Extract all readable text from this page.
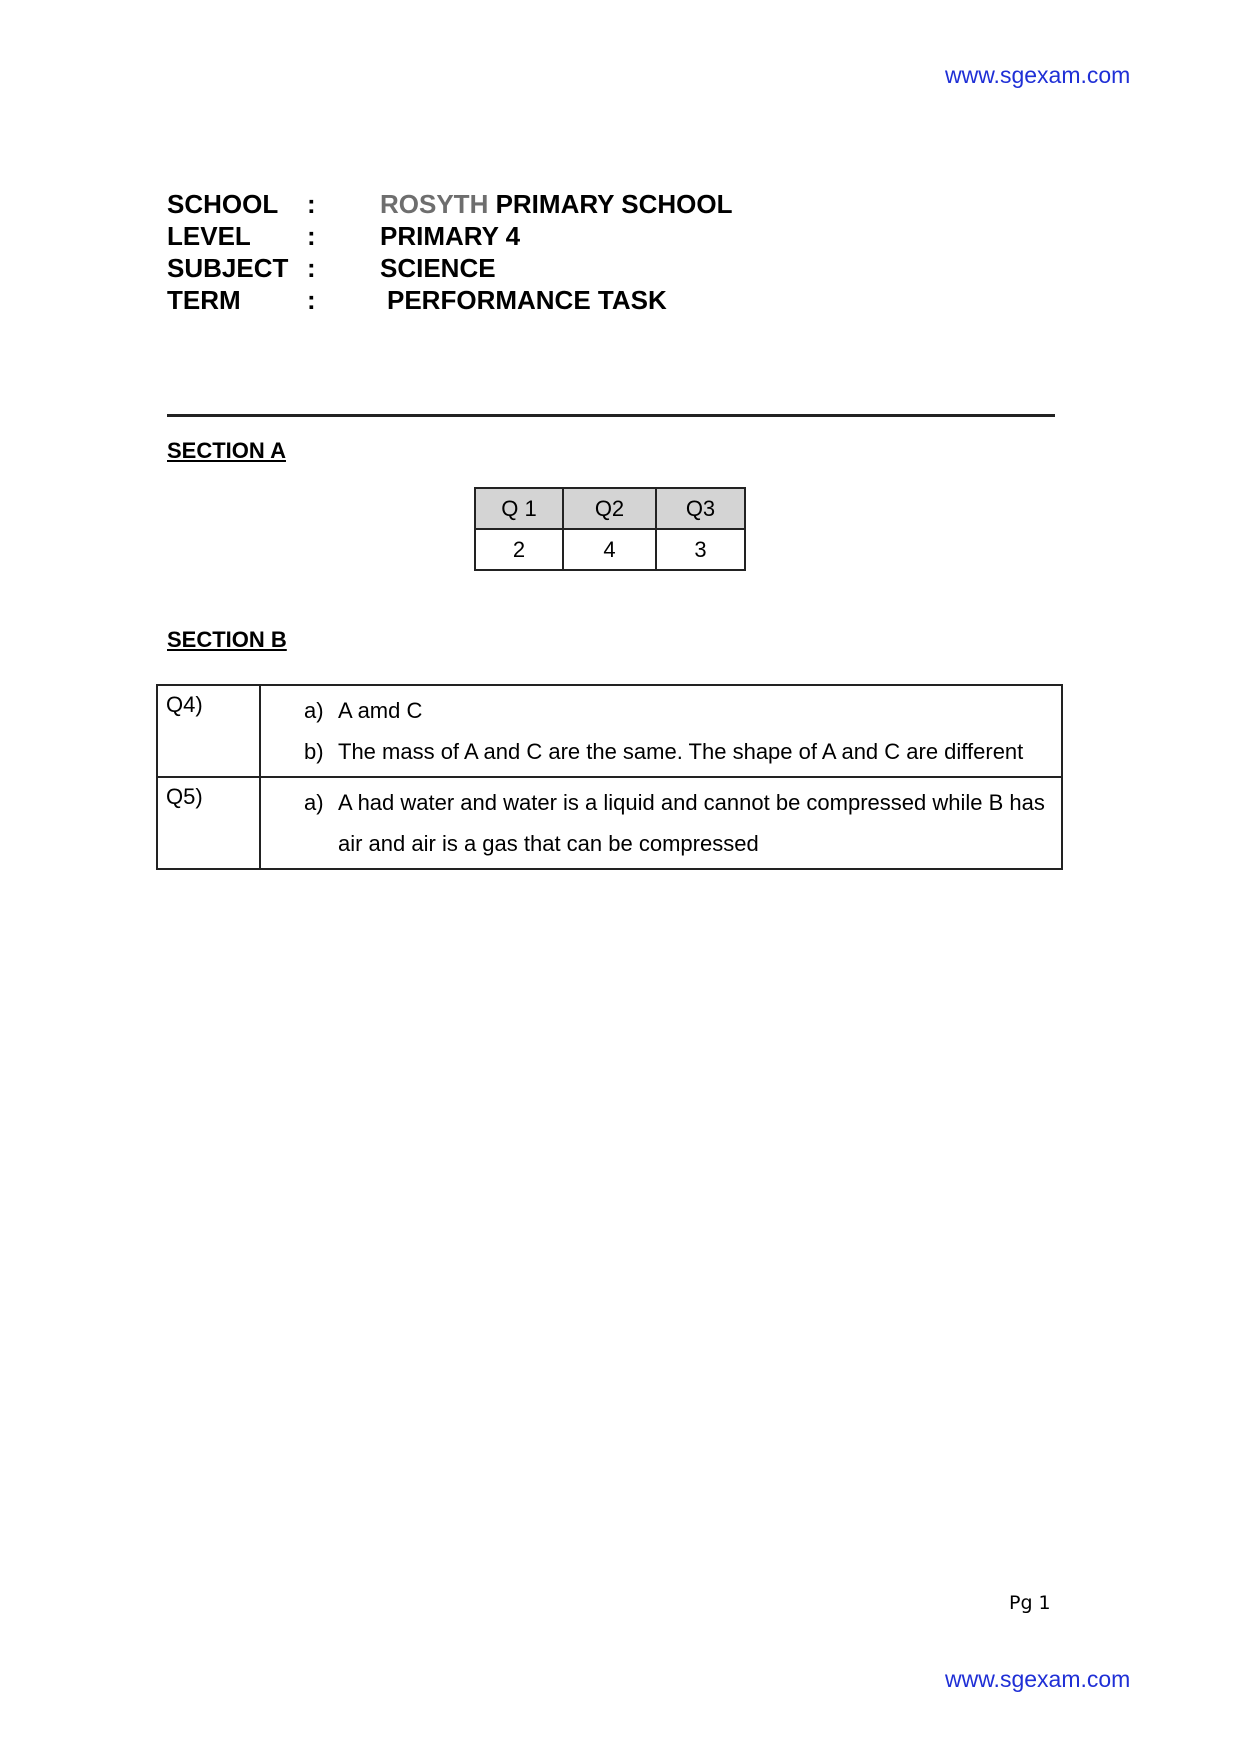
www.sgexam.com
SCHOOL : ROSYTH PRIMARY SCHOOL
LEVEL : PRIMARY 4
SUBJECT : SCIENCE
TERM	:	PERFORMANCE TASK
SECTION A
Q 1	Q2	Q3
2	4	3
SECTION B
Q4)	a) A amd C
b) The mass of A and C are the same. The shape of A and C are different

Q5)	a) A had water and water is a liquid and cannot be compressed while B has air and air is a gas that can be compressed
Pg 1
www.sgexam.com
